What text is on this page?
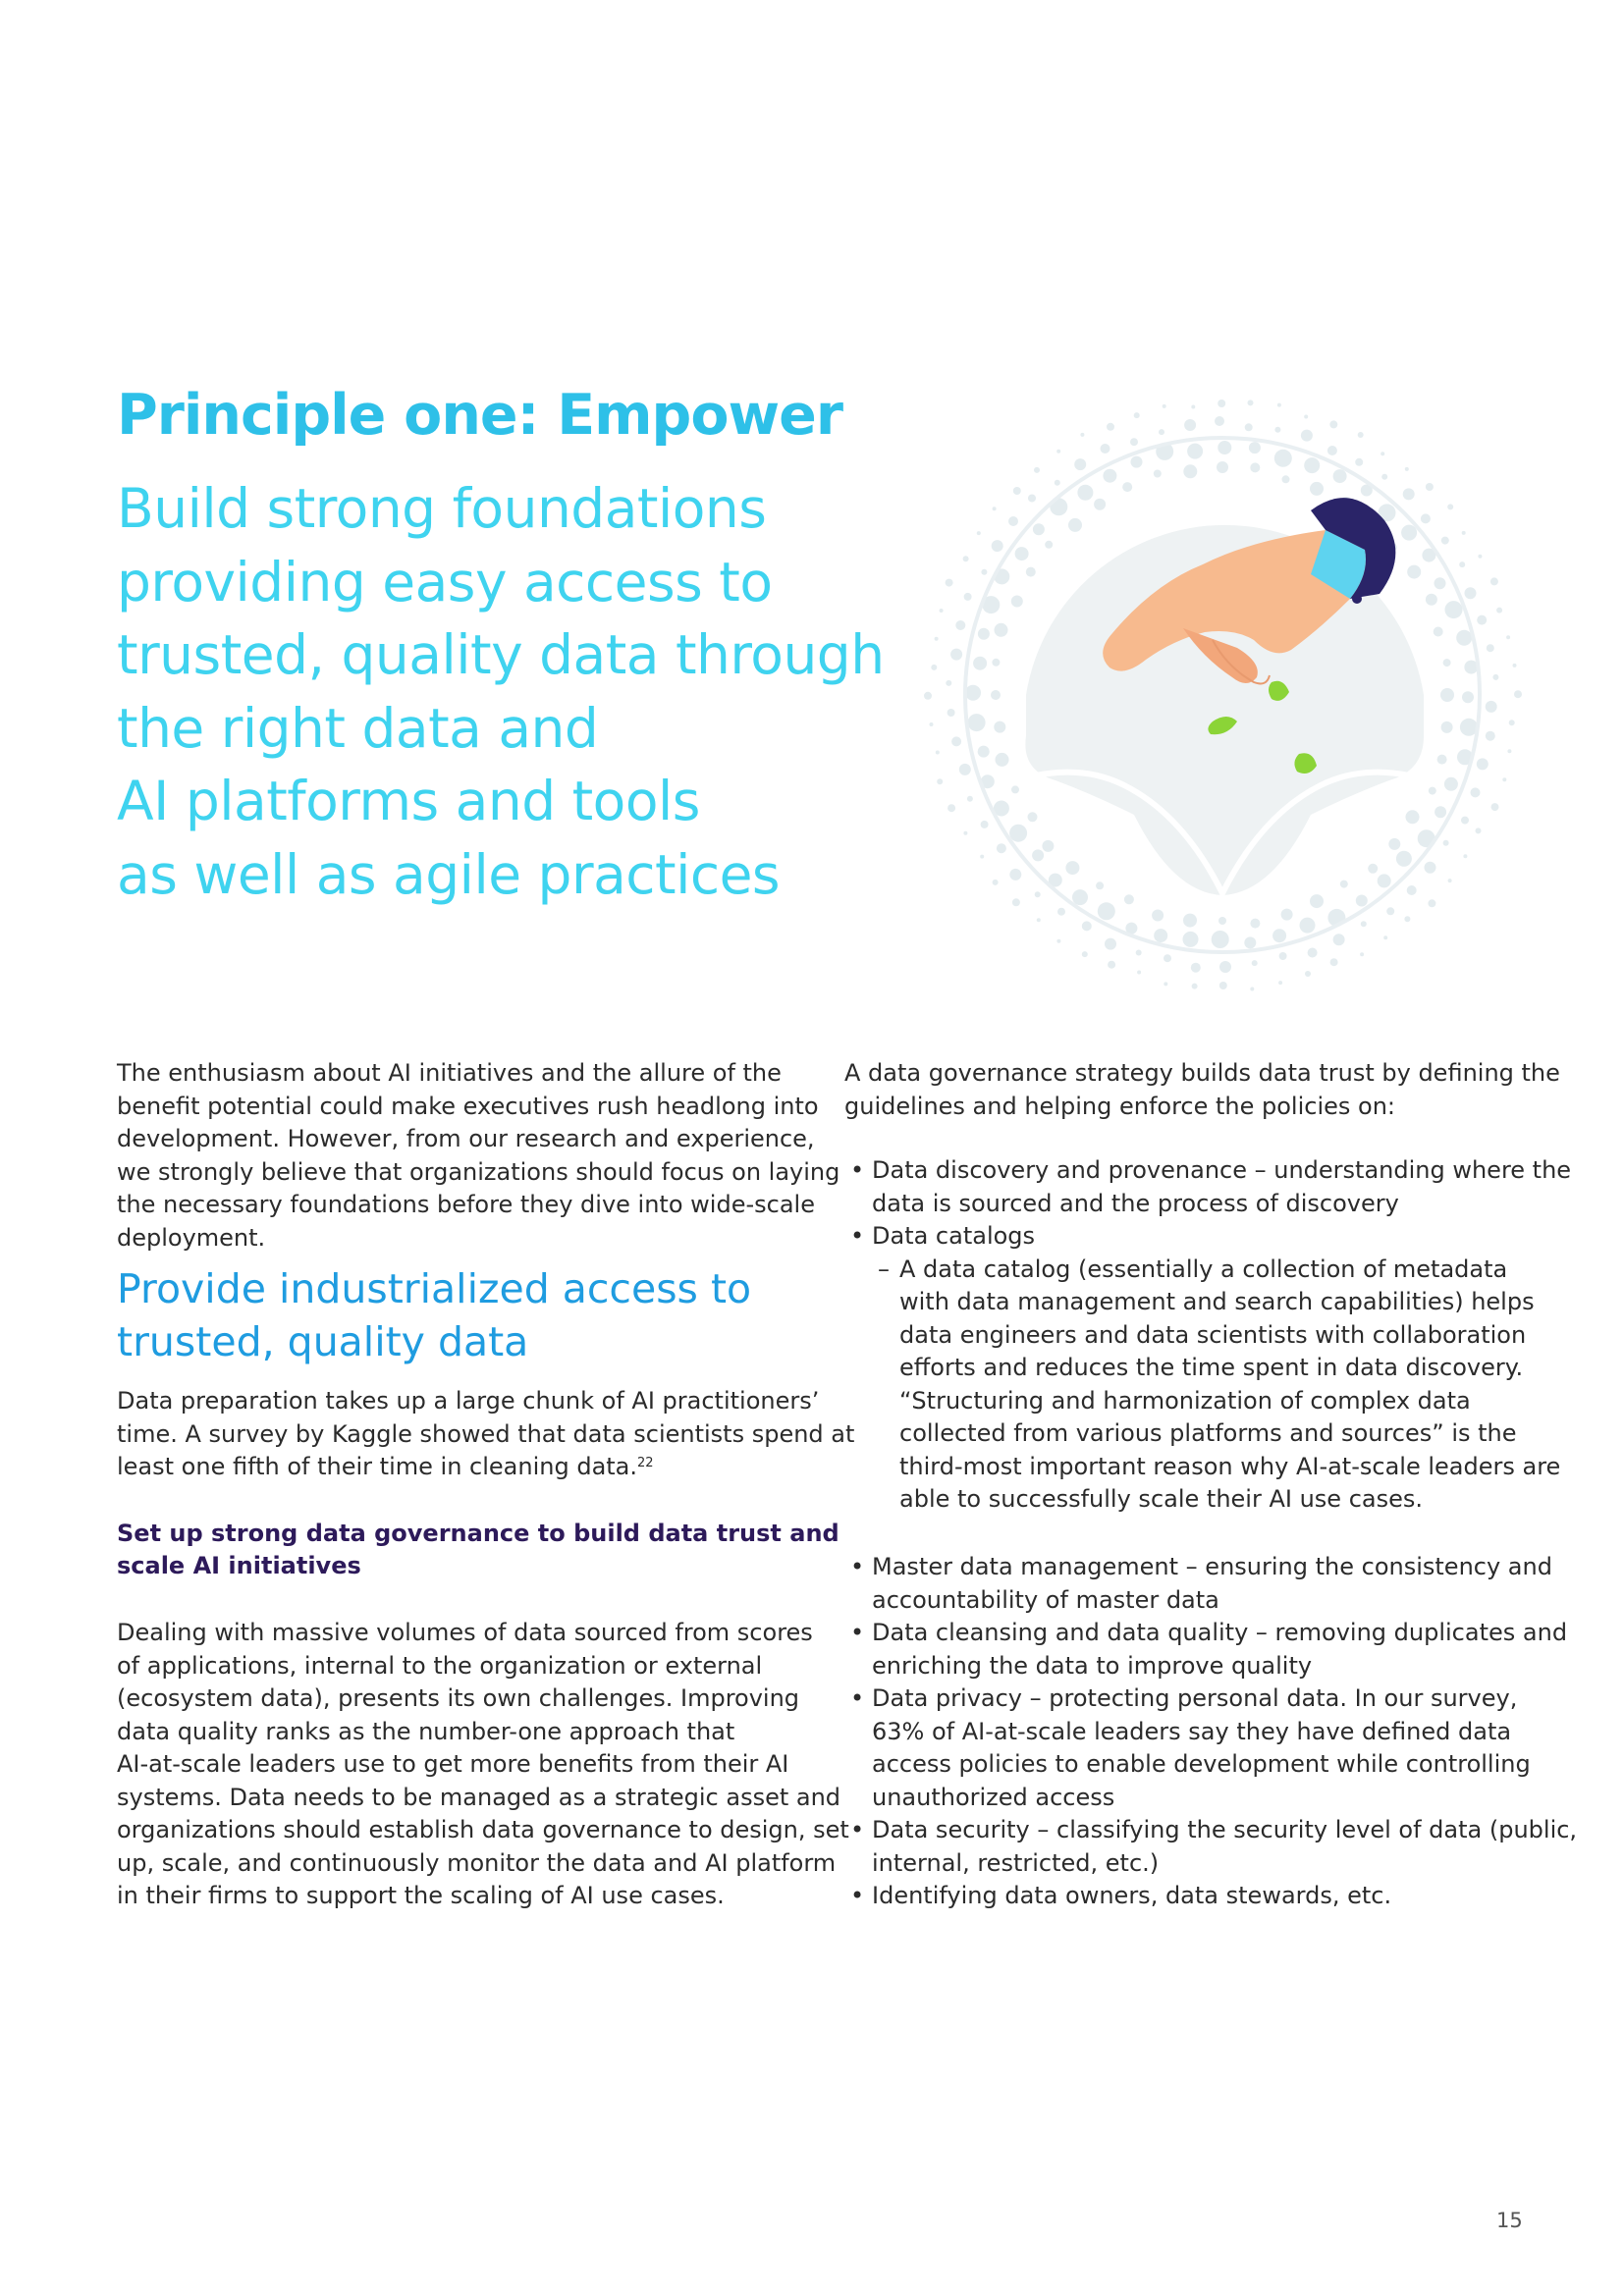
Principle one: Empower
Build strong foundations
providing easy access to
trusted, quality data through
the right data and
AI platforms and tools
as well as agile practices

The enthusiasm about AI initiatives and the allure of the
benefit potential could make executives rush headlong into
development. However, from our research and experience,
we strongly believe that organizations should focus on laying
the necessary foundations before they dive into wide-scale
deployment.

Provide industrialized access to
trusted, quality data

Data preparation takes up a large chunk of AI practitioners’
time. A survey by Kaggle showed that data scientists spend at
least one fifth of their time in cleaning data.$^{22}$

Set up strong data governance to build data trust and
scale AI initiatives

Dealing with massive volumes of data sourced from scores
of applications, internal to the organization or external
(ecosystem data), presents its own challenges. Improving
data quality ranks as the number-one approach that
AI-at-scale leaders use to get more benefits from their AI
systems. Data needs to be managed as a strategic asset and
organizations should establish data governance to design, set
up, scale, and continuously monitor the data and AI platform
in their firms to support the scaling of AI use cases.

A data governance strategy builds data trust by defining the
guidelines and helping enforce the policies on:

• Data discovery and provenance – understanding where the
data is sourced and the process of discovery
• Data catalogs
– A data catalog (essentially a collection of metadata
with data management and search capabilities) helps
data engineers and data scientists with collaboration
efforts and reduces the time spent in data discovery.
“Structuring and harmonization of complex data
collected from various platforms and sources” is the
third-most important reason why AI-at-scale leaders are
able to successfully scale their AI use cases.
• Master data management – ensuring the consistency and
accountability of master data
• Data cleansing and data quality – removing duplicates and
enriching the data to improve quality
• Data privacy – protecting personal data. In our survey,
63% of AI-at-scale leaders say they have defined data
access policies to enable development while controlling
unauthorized access
• Data security – classifying the security level of data (public,
internal, restricted, etc.)
• Identifying data owners, data stewards, etc.

15
